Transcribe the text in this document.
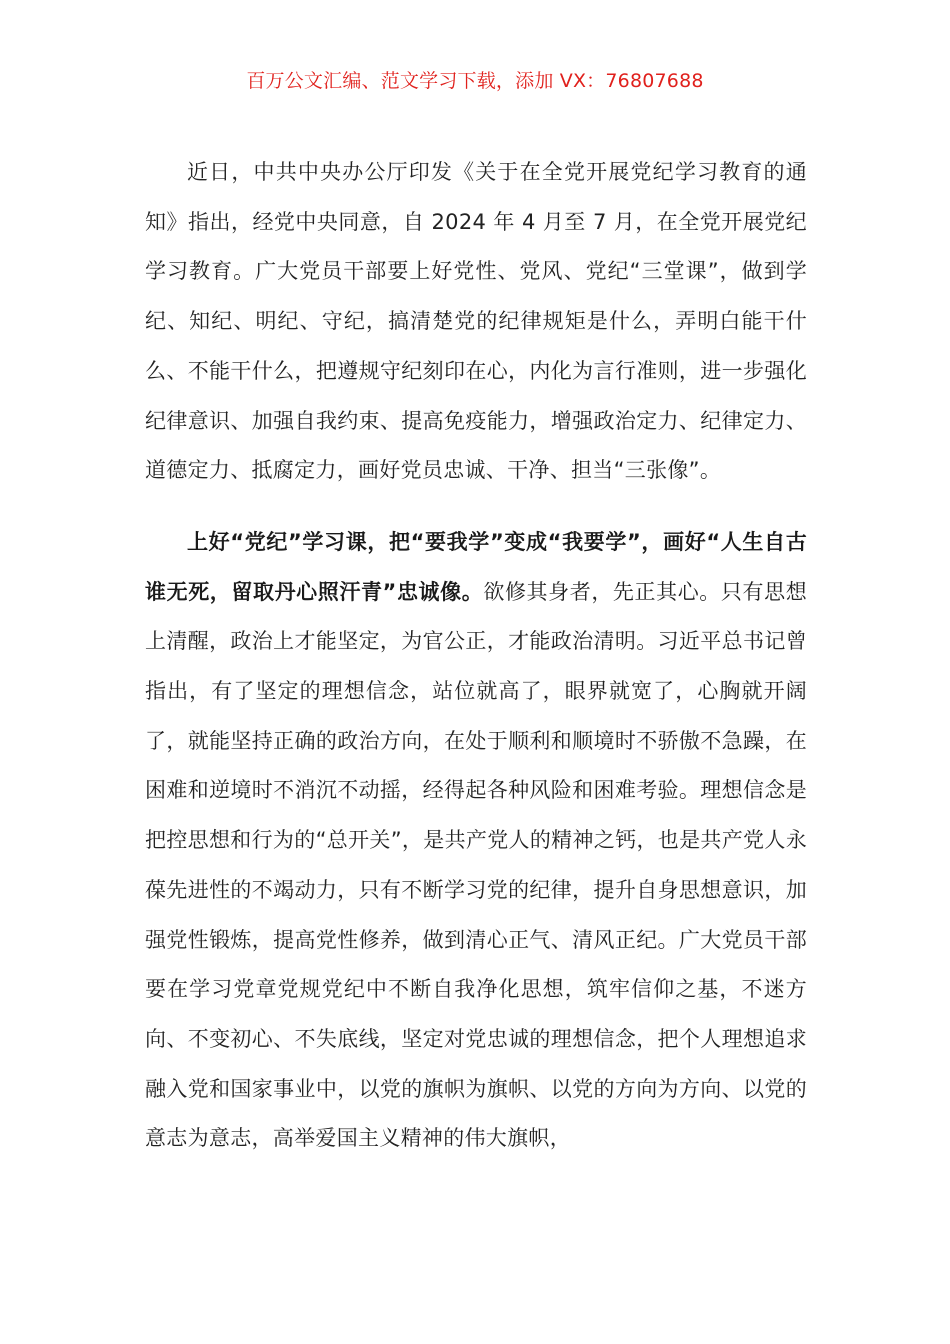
百万公文汇编、范文学习下载，添加 VX：76807688

近日，中共中央办公厅印发《关于在全党开展党纪学习教育的通知》指出，经党中央同意，自 2024 年 4 月至 7 月，在全党开展党纪学习教育。广大党员干部要上好党性、党风、党纪“三堂课”，做到学纪、知纪、明纪、守纪，搞清楚党的纪律规矩是什么，弄明白能干什么、不能干什么，把遵规守纪刻印在心，内化为言行准则，进一步强化纪律意识、加强自我约束、提高免疫能力，增强政治定力、纪律定力、道德定力、抵腐定力，画好党员忠诚、干净、担当“三张像”。

上好“党纪”学习课，把“要我学”变成“我要学”，画好“人生自古谁无死，留取丹心照汗青”忠诚像。欲修其身者，先正其心。只有思想上清醒，政治上才能坚定，为官公正，才能政治清明。习近平总书记曾指出，有了坚定的理想信念，站位就高了，眼界就宽了，心胸就开阔了，就能坚持正确的政治方向，在处于顺利和顺境时不骄傲不急躁，在困难和逆境时不消沉不动摇，经得起各种风险和困难考验。理想信念是把控思想和行为的“总开关”，是共产党人的精神之钙，也是共产党人永葆先进性的不竭动力，只有不断学习党的纪律，提升自身思想意识，加强党性锻炼，提高党性修养，做到清心正气、清风正纪。广大党员干部要在学习党章党规党纪中不断自我净化思想，筑牢信仰之基，不迷方向、不变初心、不失底线，坚定对党忠诚的理想信念，把个人理想追求融入党和国家事业中，以党的旗帜为旗帜、以党的方向为方向、以党的意志为意志，高举爱国主义精神的伟大旗帜，
